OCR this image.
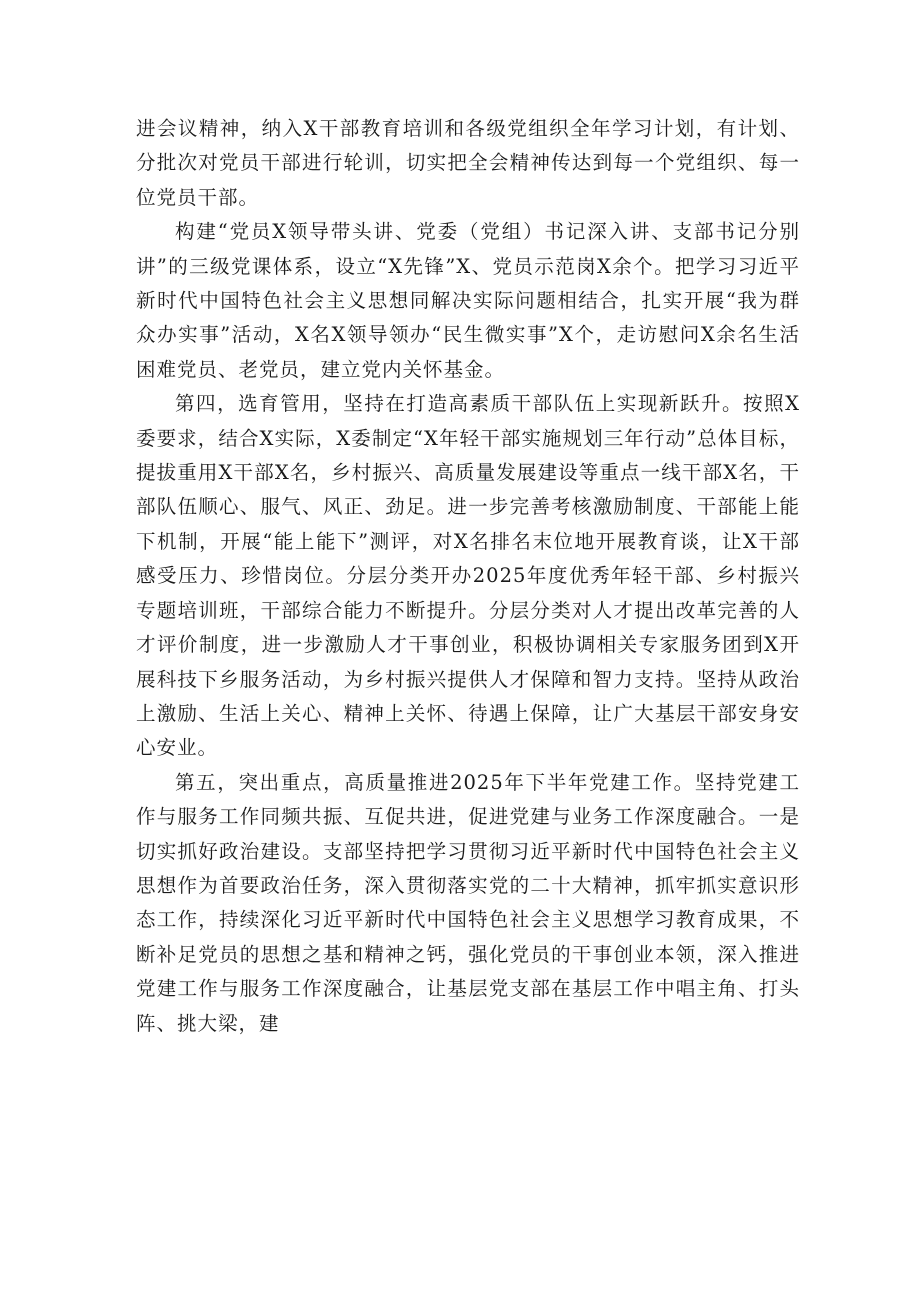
进会议精神，纳入X干部教育培训和各级党组织全年学习计划，有计划、分批次对党员干部进行轮训，切实把全会精神传达到每一个党组织、每一位党员干部。

构建“党员X领导带头讲、党委（党组）书记深入讲、支部书记分别讲”的三级党课体系，设立“X先锋”X、党员示范岗X余个。把学习习近平新时代中国特色社会主义思想同解决实际问题相结合，扎实开展“我为群众办实事”活动，X名X领导领办“民生微实事”X个，走访慰问X余名生活困难党员、老党员，建立党内关怀基金。

第四，选育管用，坚持在打造高素质干部队伍上实现新跃升。按照X委要求，结合X实际，X委制定“X年轻干部实施规划三年行动”总体目标，提拔重用X干部X名，乡村振兴、高质量发展建设等重点一线干部X名，干部队伍顺心、服气、风正、劲足。进一步完善考核激励制度、干部能上能下机制，开展“能上能下”测评，对X名排名末位地开展教育谈，让X干部感受压力、珍惜岗位。分层分类开办2025年度优秀年轻干部、乡村振兴专题培训班，干部综合能力不断提升。分层分类对人才提出改革完善的人才评价制度，进一步激励人才干事创业，积极协调相关专家服务团到X开展科技下乡服务活动，为乡村振兴提供人才保障和智力支持。坚持从政治上激励、生活上关心、精神上关怀、待遇上保障，让广大基层干部安身安心安业。

第五，突出重点，高质量推进2025年下半年党建工作。坚持党建工作与服务工作同频共振、互促共进，促进党建与业务工作深度融合。一是切实抓好政治建设。支部坚持把学习贯彻习近平新时代中国特色社会主义思想作为首要政治任务，深入贯彻落实党的二十大精神，抓牢抓实意识形态工作，持续深化习近平新时代中国特色社会主义思想学习教育成果，不断补足党员的思想之基和精神之钙，强化党员的干事创业本领，深入推进党建工作与服务工作深度融合，让基层党支部在基层工作中唱主角、打头阵、挑大梁，建
